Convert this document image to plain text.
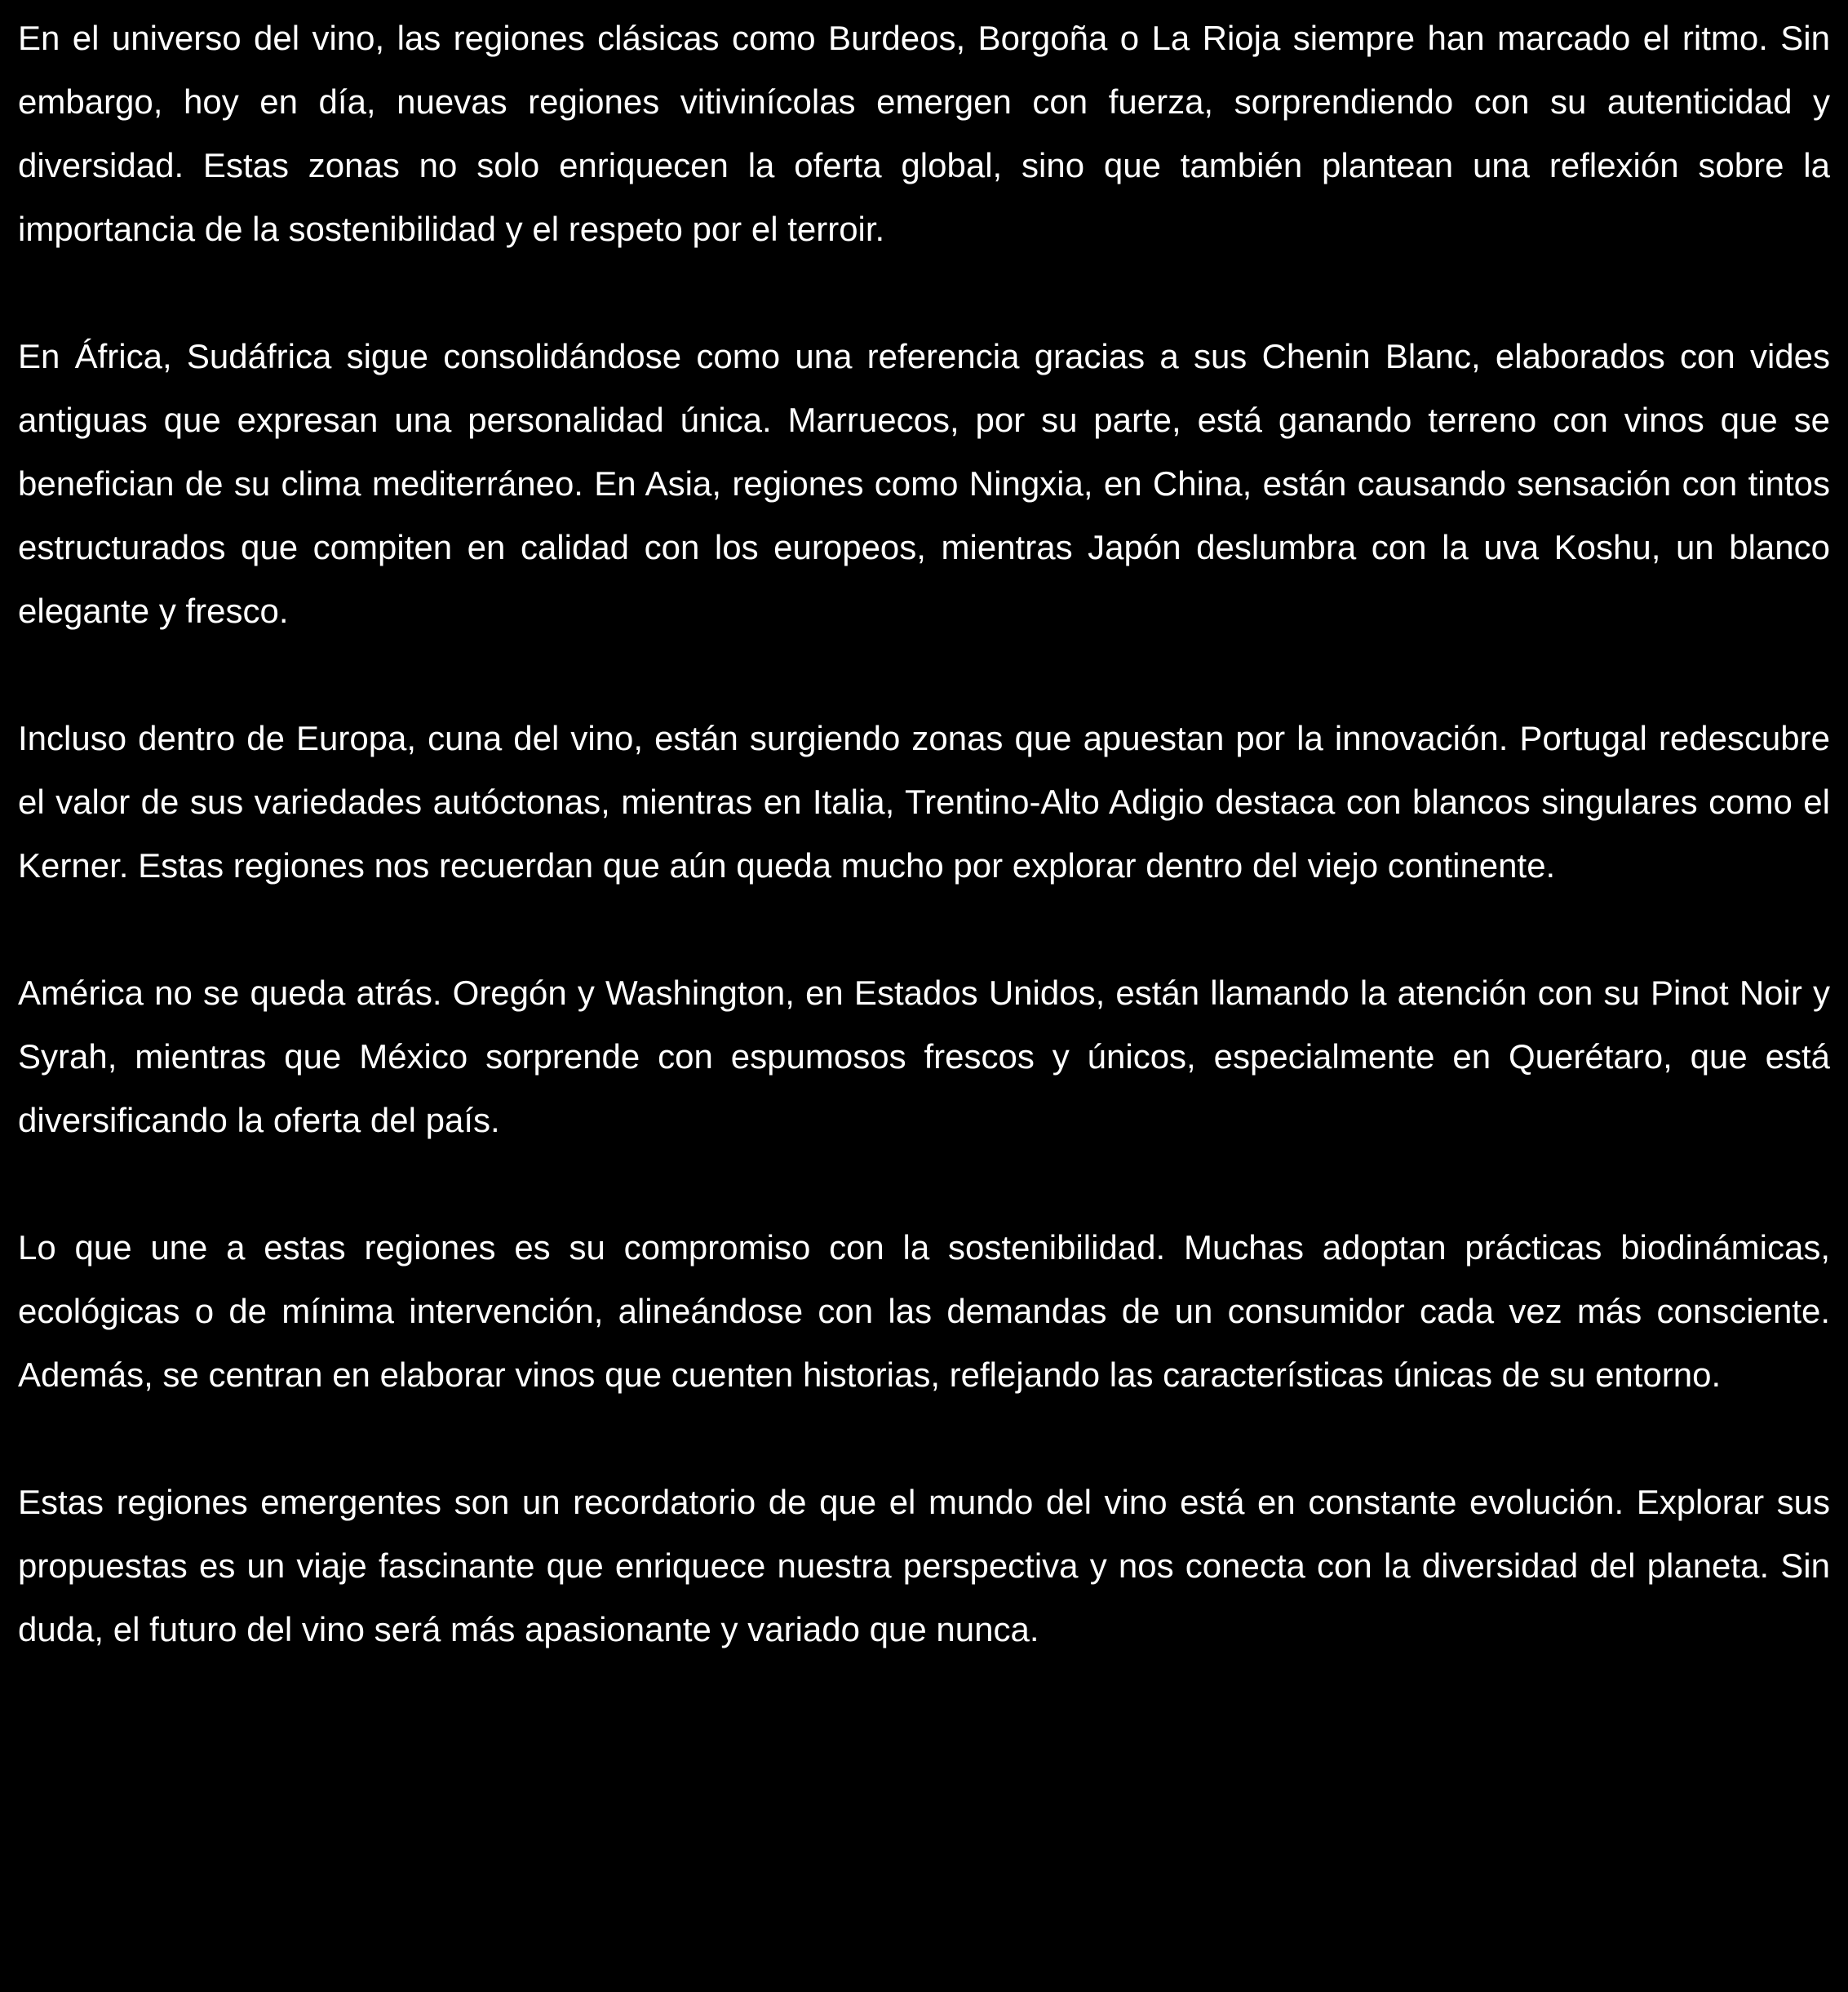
En el universo del vino, las regiones clásicas como Burdeos, Borgoña o La Rioja siempre han marcado el ritmo. Sin embargo, hoy en día, nuevas regiones vitivinícolas emergen con fuerza, sorprendiendo con su autenticidad y diversidad. Estas zonas no solo enriquecen la oferta global, sino que también plantean una reflexión sobre la importancia de la sostenibilidad y el respeto por el terroir.

En África, Sudáfrica sigue consolidándose como una referencia gracias a sus Chenin Blanc, elaborados con vides antiguas que expresan una personalidad única. Marruecos, por su parte, está ganando terreno con vinos que se benefician de su clima mediterráneo. En Asia, regiones como Ningxia, en China, están causando sensación con tintos estructurados que compiten en calidad con los europeos, mientras Japón deslumbra con la uva Koshu, un blanco elegante y fresco.

Incluso dentro de Europa, cuna del vino, están surgiendo zonas que apuestan por la innovación. Portugal redescubre el valor de sus variedades autóctonas, mientras en Italia, Trentino-Alto Adigio destaca con blancos singulares como el Kerner. Estas regiones nos recuerdan que aún queda mucho por explorar dentro del viejo continente.

América no se queda atrás. Oregón y Washington, en Estados Unidos, están llamando la atención con su Pinot Noir y Syrah, mientras que México sorprende con espumosos frescos y únicos, especialmente en Querétaro, que está diversificando la oferta del país.

Lo que une a estas regiones es su compromiso con la sostenibilidad. Muchas adoptan prácticas biodinámicas, ecológicas o de mínima intervención, alineándose con las demandas de un consumidor cada vez más consciente. Además, se centran en elaborar vinos que cuenten historias, reflejando las características únicas de su entorno.

Estas regiones emergentes son un recordatorio de que el mundo del vino está en constante evolución. Explorar sus propuestas es un viaje fascinante que enriquece nuestra perspectiva y nos conecta con la diversidad del planeta. Sin duda, el futuro del vino será más apasionante y variado que nunca.
